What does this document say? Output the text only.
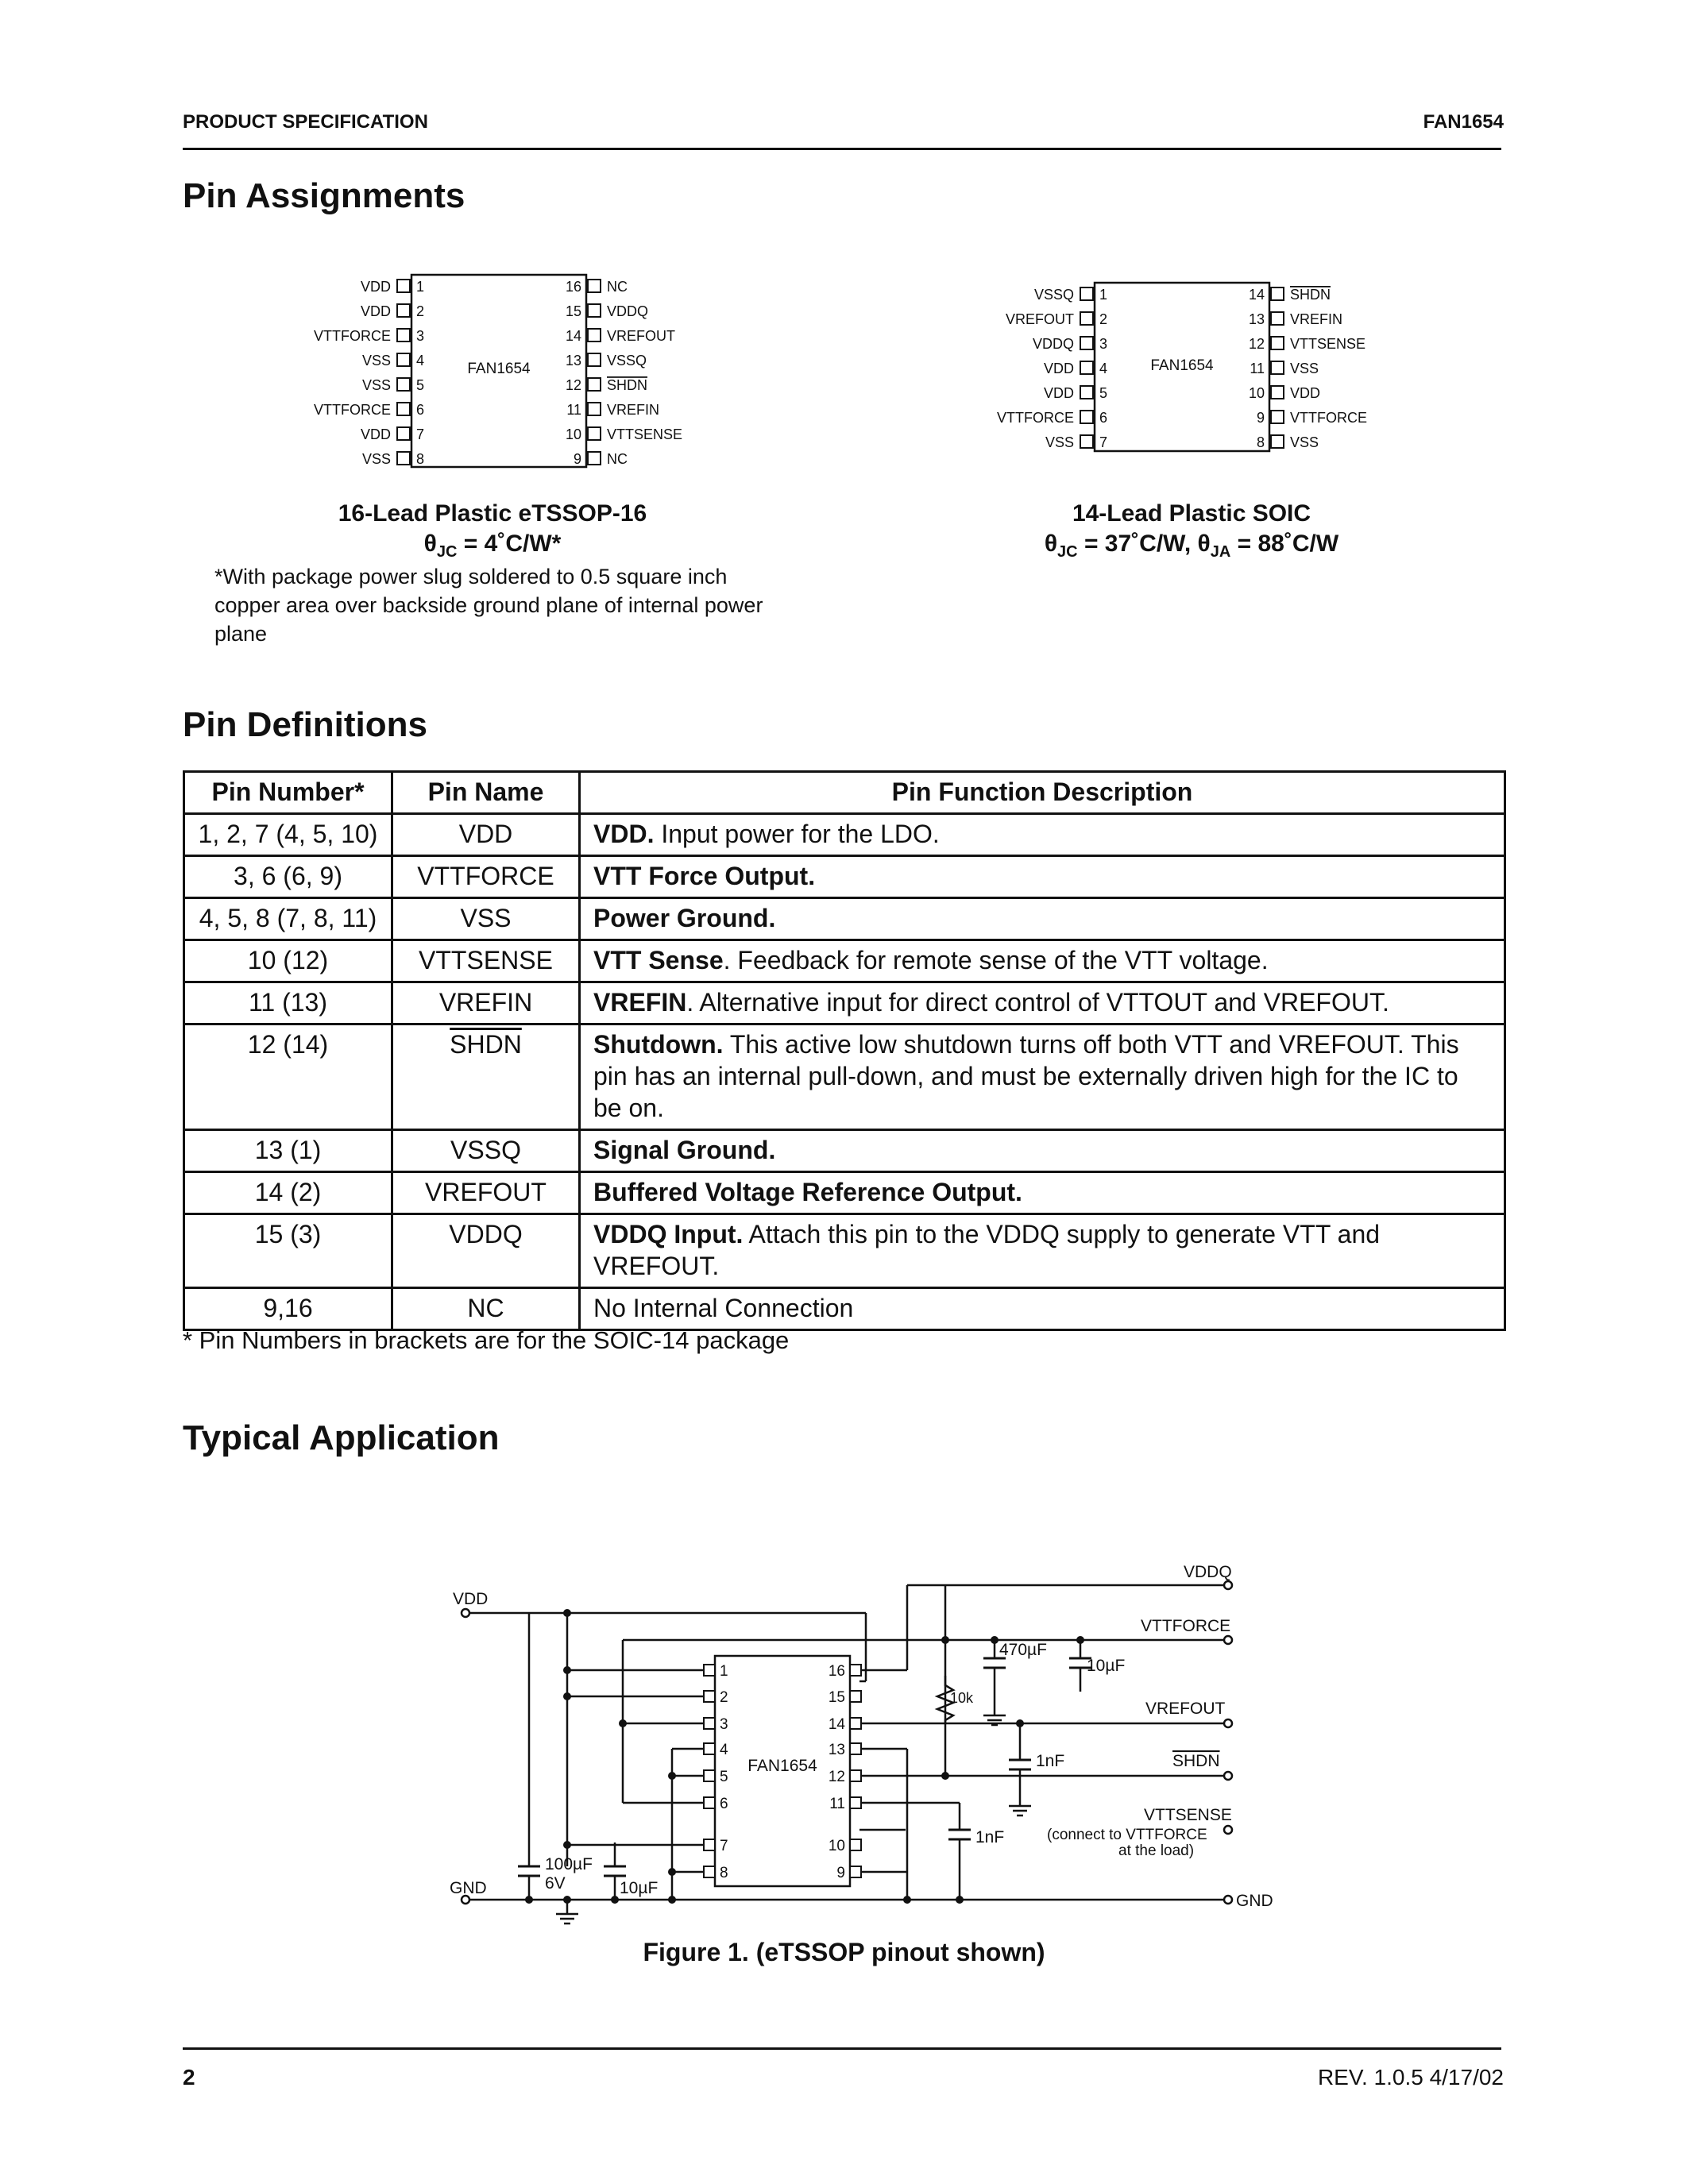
PRODUCT SPECIFICATION	FAN1654
Pin Assignments
FAN1654
1
VDD
2
VDD
3
VTTFORCE
4
VSS
5
VSS
6
VTTFORCE
7
VDD
8
VSS
16 NC
15 VDDQ
14 VREFOUT
13 VSSQ
12 SHDN
11 VREFIN
10 VTTSENSE
9 NC
FAN1654
1
VSSQ
2
VREFOUT
3
VDDQ
4
VDD
5
VDD
6
VTTFORCE
7
VSS
14 SHDN
13 VREFIN
12 VTTSENSE
11 VSS
10 VDD
9 VTTFORCE
8 VSS
16-Lead Plastic eTSSOP-16
$\theta_{JC}$ = 4˚C/W*
*With package power slug soldered to 0.5 square inch copper area over backside ground plane of internal power plane
14-Lead Plastic SOIC
$\theta_{JC}$ = 37˚C/W, $\theta_{JA}$ = 88˚C/W
Pin Definitions
Pin Number*	Pin Name	Pin Function Description
1, 2, 7 (4, 5, 10)	VDD	VDD. Input power for the LDO.
3, 6 (6, 9)	VTTFORCE	VTT Force Output.
4, 5, 8 (7, 8, 11)	VSS	Power Ground.
10 (12)	VTTSENSE	VTT Sense. Feedback for remote sense of the VTT voltage.
11 (13)	VREFIN	VREFIN. Alternative input for direct control of VTTOUT and VREFOUT.
12 (14)	SHDN	Shutdown. This active low shutdown turns off both VTT and VREFOUT. This pin has an internal pull-down, and must be externally driven high for the IC to be on.
13 (1)	VSSQ	Signal Ground.
14 (2)	VREFOUT	Buffered Voltage Reference Output.
15 (3)	VDDQ	VDDQ Input. Attach this pin to the VDDQ supply to generate VTT and VREFOUT.
9,16	NC	No Internal Connection
* Pin Numbers in brackets are for the SOIC-14 package
Typical Application
FAN1654
1
2
3
4
5
6
7
8
16
15
14
13
12
11
10
9
VDD
GND
VDDQ
VTTFORCE
VREFOUT
SHDN
VTTSENSE
(connect to VTTFORCE
at the load)
GND
100µF
6V	10µF
470µF
10µF
10k
1nF
1nF
Figure 1. (eTSSOP pinout shown)
2	REV. 1.0.5 4/17/02
